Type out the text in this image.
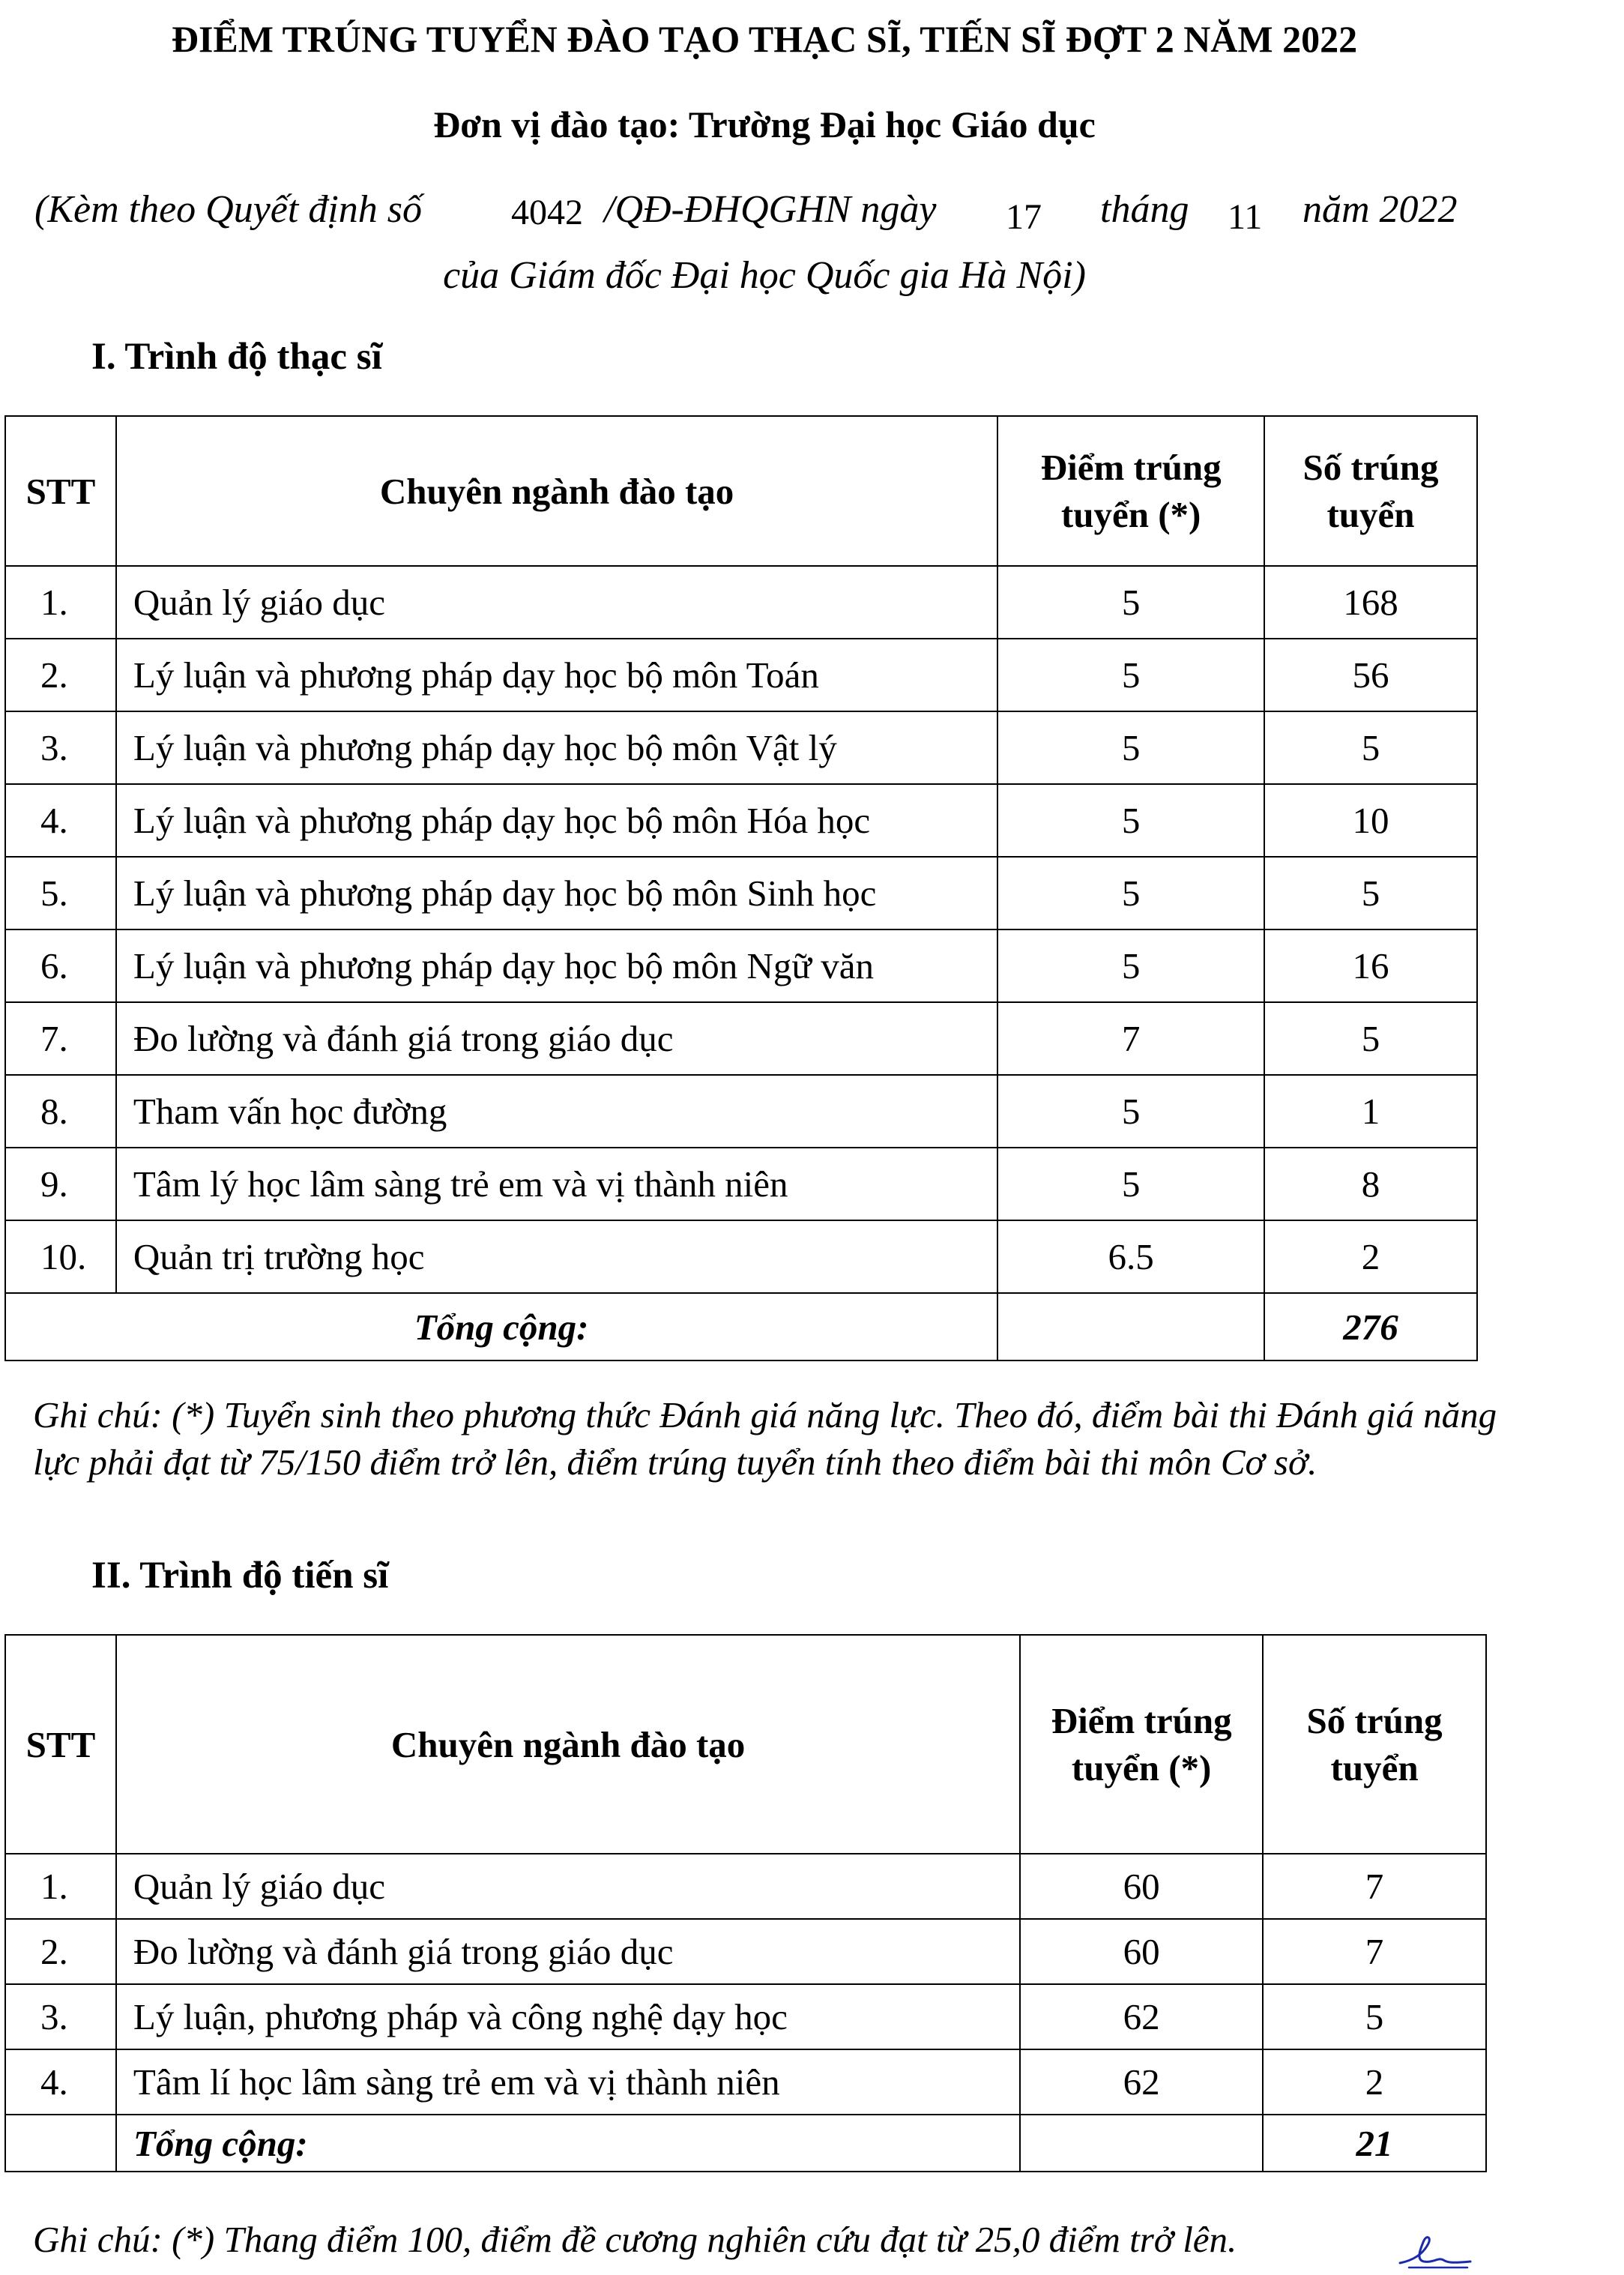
ĐIỂM TRÚNG TUYỂN ĐÀO TẠO THẠC SĨ, TIẾN SĨ ĐỢT 2 NĂM 2022

Đơn vị đào tạo: Trường Đại học Giáo dục

(Kèm theo Quyết định số 4042 /QĐ-ĐHQGHN ngày 17 tháng 11 năm 2022

của Giám đốc Đại học Quốc gia Hà Nội)

I. Trình độ thạc sĩ

STT	Chuyên ngành đào tạo	Điểm trúng tuyển (*)	Số trúng tuyển
1.	Quản lý giáo dục	5	168
2.	Lý luận và phương pháp dạy học bộ môn Toán	5	56
3.	Lý luận và phương pháp dạy học bộ môn Vật lý	5	5
4.	Lý luận và phương pháp dạy học bộ môn Hóa học	5	10
5.	Lý luận và phương pháp dạy học bộ môn Sinh học	5	5
6.	Lý luận và phương pháp dạy học bộ môn Ngữ văn	5	16
7.	Đo lường và đánh giá trong giáo dục	7	5
8.	Tham vấn học đường	5	1
9.	Tâm lý học lâm sàng trẻ em và vị thành niên	5	8
10.	Quản trị trường học	6.5	2
Tổng cộng:			276

Ghi chú: (*) Tuyển sinh theo phương thức Đánh giá năng lực. Theo đó, điểm bài thi Đánh giá năng lực phải đạt từ 75/150 điểm trở lên, điểm trúng tuyển tính theo điểm bài thi môn Cơ sở.

II. Trình độ tiến sĩ

STT	Chuyên ngành đào tạo	Điểm trúng tuyển (*)	Số trúng tuyển
1.	Quản lý giáo dục	60	7
2.	Đo lường và đánh giá trong giáo dục	60	7
3.	Lý luận, phương pháp và công nghệ dạy học	62	5
4.	Tâm lí học lâm sàng trẻ em và vị thành niên	62	2
	Tổng cộng:		21

Ghi chú: (*) Thang điểm 100, điểm đề cương nghiên cứu đạt từ 25,0 điểm trở lên.
